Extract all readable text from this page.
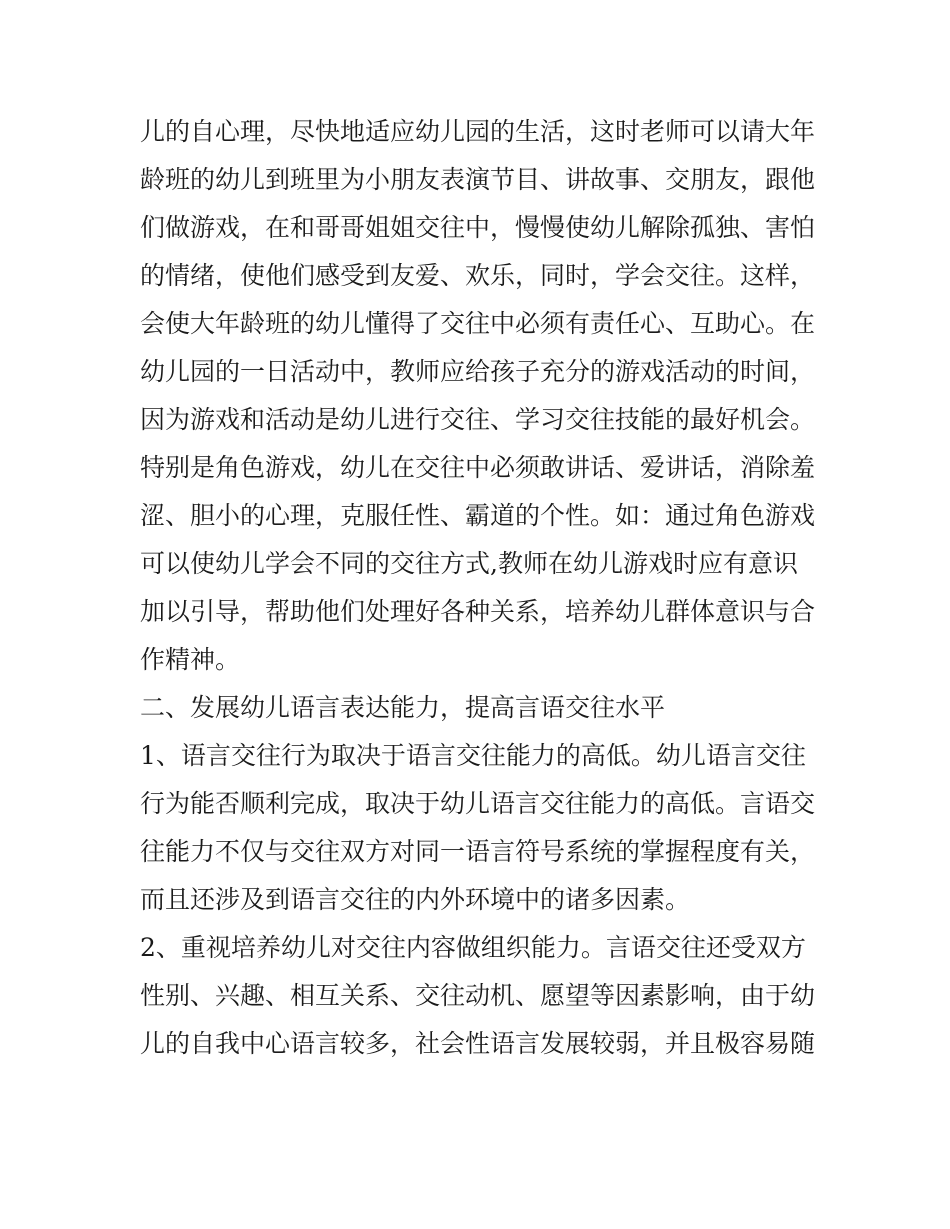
儿的自心理，尽快地适应幼儿园的生活，这时老师可以请大年
龄班的幼儿到班里为小朋友表演节目、讲故事、交朋友，跟他
们做游戏，在和哥哥姐姐交往中，慢慢使幼儿解除孤独、害怕
的情绪，使他们感受到友爱、欢乐，同时，学会交往。这样，
会使大年龄班的幼儿懂得了交往中必须有责任心、互助心。在
幼儿园的一日活动中，教师应给孩子充分的游戏活动的时间，
因为游戏和活动是幼儿进行交往、学习交往技能的最好机会。
特别是角色游戏，幼儿在交往中必须敢讲话、爱讲话，消除羞
涩、胆小的心理，克服任性、霸道的个性。如：通过角色游戏
可以使幼儿学会不同的交往方式,教师在幼儿游戏时应有意识
加以引导，帮助他们处理好各种关系，培养幼儿群体意识与合
作精神。
二、发展幼儿语言表达能力，提高言语交往水平
1、语言交往行为取决于语言交往能力的高低。幼儿语言交往
行为能否顺利完成，取决于幼儿语言交往能力的高低。言语交
往能力不仅与交往双方对同一语言符号系统的掌握程度有关，
而且还涉及到语言交往的内外环境中的诸多因素。
2、重视培养幼儿对交往内容做组织能力。言语交往还受双方
性别、兴趣、相互关系、交往动机、愿望等因素影响，由于幼
儿的自我中心语言较多，社会性语言发展较弱，并且极容易随
